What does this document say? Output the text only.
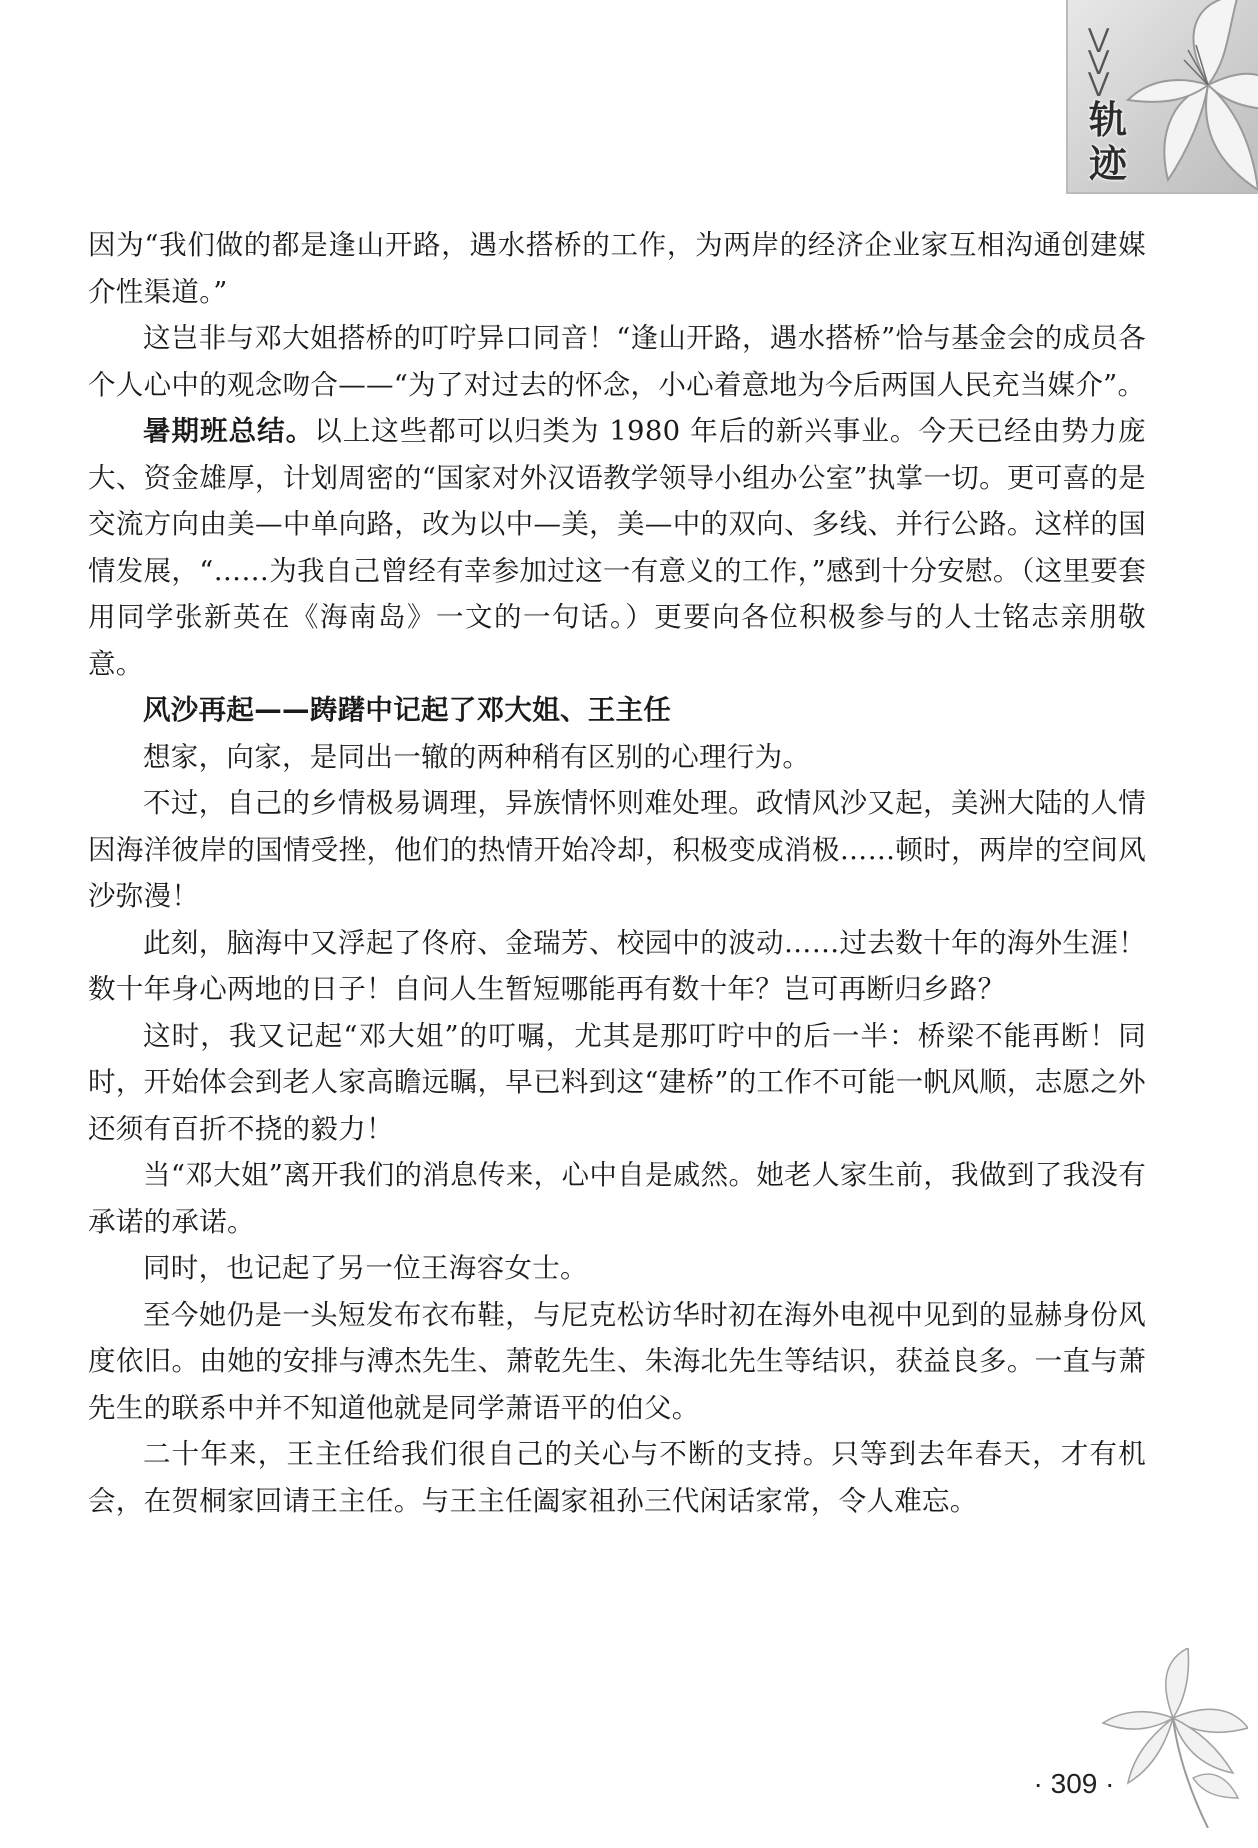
⋁
⋁
⋁
轨迹

因为“我们做的都是逢山开路，遇水搭桥的工作，为两岸的经济企业家互相沟通创建媒介性渠道。”

这岂非与邓大姐搭桥的叮咛异口同音！“逢山开路，遇水搭桥”恰与基金会的成员各个人心中的观念吻合——“为了对过去的怀念，小心着意地为今后两国人民充当媒介”。

暑期班总结。以上这些都可以归类为 1980 年后的新兴事业。今天已经由势力庞大、资金雄厚，计划周密的“国家对外汉语教学领导小组办公室”执掌一切。更可喜的是交流方向由美—中单向路，改为以中—美，美—中的双向、多线、并行公路。这样的国情发展，“……为我自己曾经有幸参加过这一有意义的工作，”感到十分安慰。（这里要套用同学张新英在《海南岛》一文的一句话。）更要向各位积极参与的人士铭志亲朋敬意。

风沙再起——踌躇中记起了邓大姐、王主任

想家，向家，是同出一辙的两种稍有区别的心理行为。

不过，自己的乡情极易调理，异族情怀则难处理。政情风沙又起，美洲大陆的人情因海洋彼岸的国情受挫，他们的热情开始冷却，积极变成消极……顿时，两岸的空间风沙弥漫！

此刻，脑海中又浮起了佟府、金瑞芳、校园中的波动……过去数十年的海外生涯！数十年身心两地的日子！自问人生暂短哪能再有数十年？岂可再断归乡路？

这时，我又记起“邓大姐”的叮嘱，尤其是那叮咛中的后一半：桥梁不能再断！同时，开始体会到老人家高瞻远瞩，早已料到这“建桥”的工作不可能一帆风顺，志愿之外还须有百折不挠的毅力！

当“邓大姐”离开我们的消息传来，心中自是戚然。她老人家生前，我做到了我没有承诺的承诺。

同时，也记起了另一位王海容女士。

至今她仍是一头短发布衣布鞋，与尼克松访华时初在海外电视中见到的显赫身份风度依旧。由她的安排与溥杰先生、萧乾先生、朱海北先生等结识，获益良多。一直与萧先生的联系中并不知道他就是同学萧语平的伯父。

二十年来，王主任给我们很自己的关心与不断的支持。只等到去年春天，才有机会，在贺桐家回请王主任。与王主任阖家祖孙三代闲话家常，令人难忘。

· 309 ·
